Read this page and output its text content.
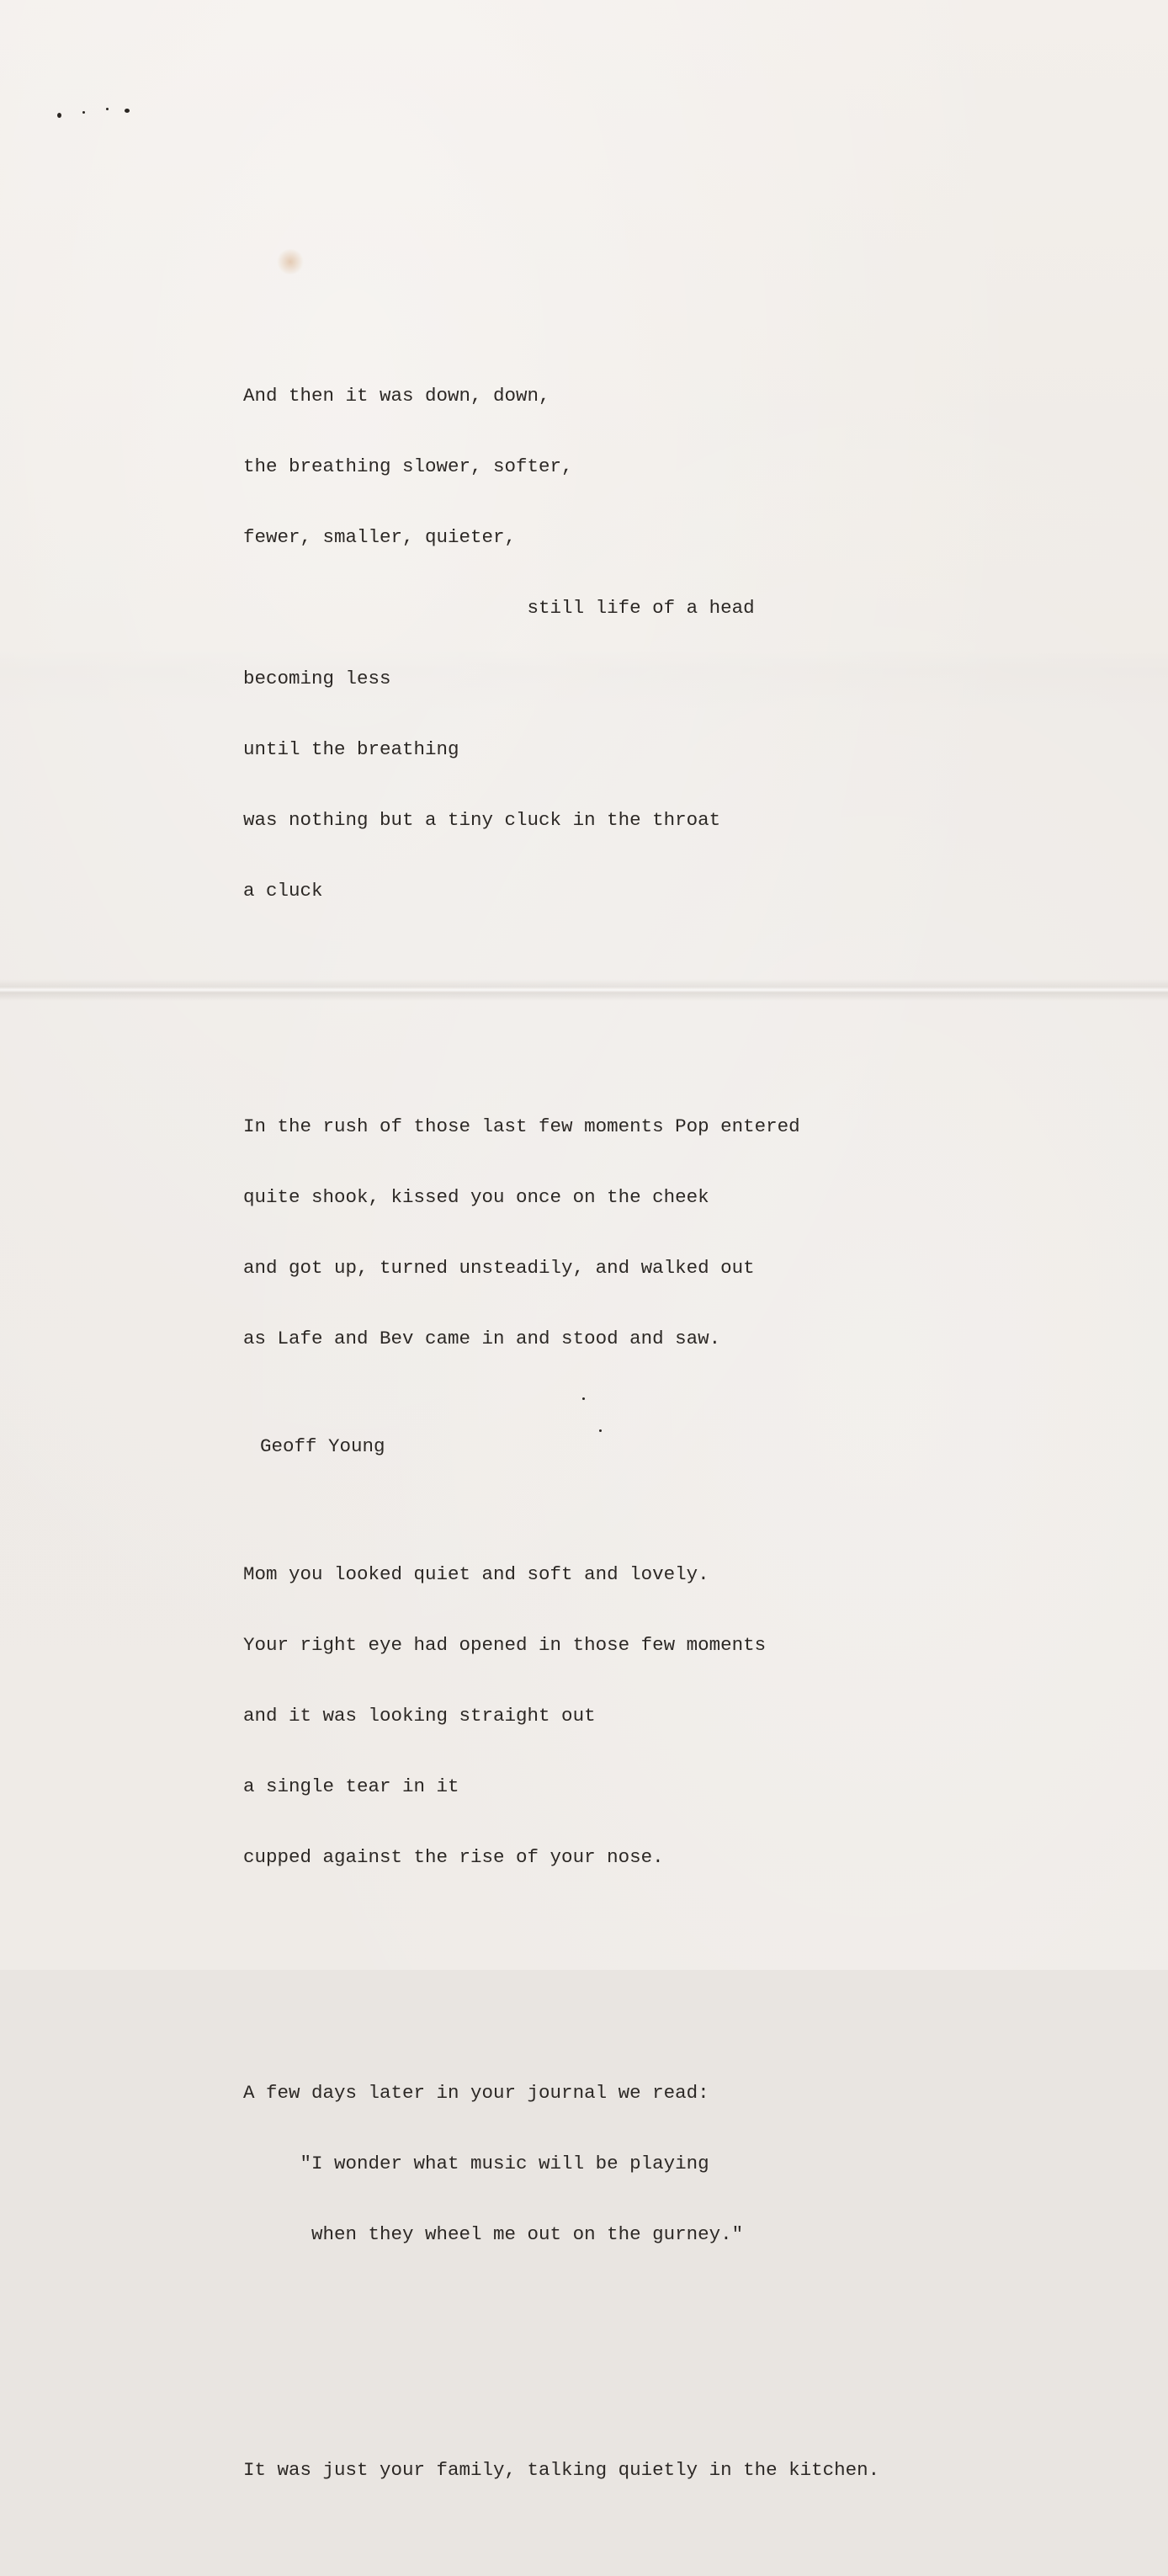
And then it was down, down,

the breathing slower, softer,

fewer, smaller, quieter,

still life of a head

becoming less

until the breathing

was nothing but a tiny cluck in the throat

a cluck

In the rush of those last few moments Pop entered

quite shook, kissed you once on the cheek

and got up, turned unsteadily, and walked out

as Lafe and Bev came in and stood and saw.

Mom you looked quiet and soft and lovely.

Your right eye had opened in those few moments

and it was looking straight out

a single tear in it

cupped against the rise of your nose.

A few days later in your journal we read:

"I wonder what music will be playing

when they wheel me out on the gurney."

It was just your family, talking quietly in the kitchen.

Geoff Young
